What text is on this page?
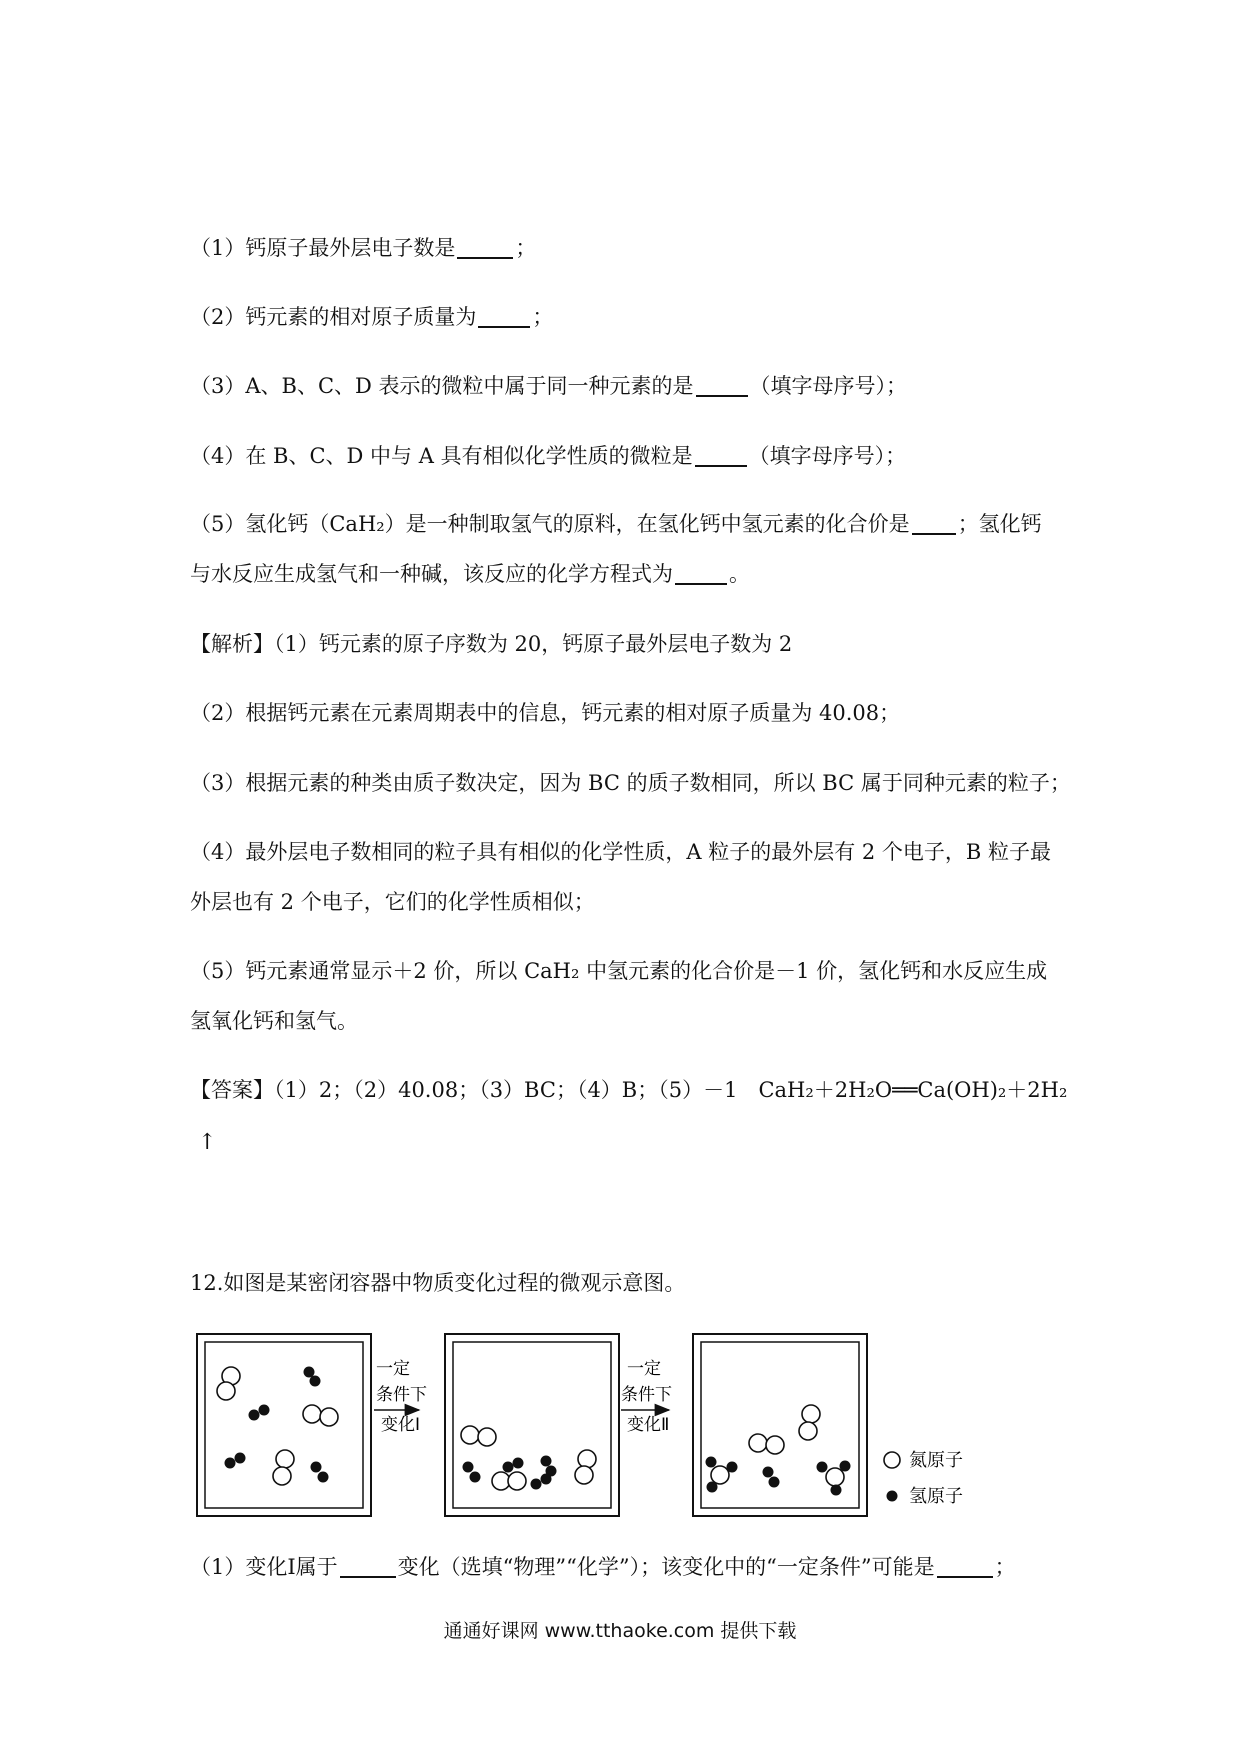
（1）钙原子最外层电子数是	；
（2）钙元素的相对原子质量为	；
（3）A、B、C、D 表示的微粒中属于同一种元素的是	（填字母序号）；
（4）在 B、C、D 中与 A 具有相似化学性质的微粒是	（填字母序号）；
（5）氢化钙（CaH₂）是一种制取氢气的原料，在氢化钙中氢元素的化合价是 ；氢化钙
与水反应生成氢气和一种碱，该反应的化学方程式为	。
【解析】（1）钙元素的原子序数为 20，钙原子最外层电子数为 2
（2）根据钙元素在元素周期表中的信息，钙元素的相对原子质量为 40.08；
（3）根据元素的种类由质子数决定，因为 BC 的质子数相同，所以 BC 属于同种元素的粒子；
（4）最外层电子数相同的粒子具有相似的化学性质，A 粒子的最外层有 2 个电子，B 粒子最
外层也有 2 个电子，它们的化学性质相似；
（5）钙元素通常显示＋2 价，所以 CaH₂ 中氢元素的化合价是－1 价，氢化钙和水反应生成
氢氧化钙和氢气。
【答案】（1）2；（2）40.08；（3）BC；（4）B；（5）－1　CaH₂＋2H₂O══Ca(OH)₂＋2H₂
↑
12.如图是某密闭容器中物质变化过程的微观示意图。
一定
条件下
变化Ⅰ
一定
条件下
变化Ⅱ
氮原子
氢原子
（1）变化Ⅰ属于	变化（选填“物理”“化学”）；该变化中的“一定条件”可能是	；
通通好课网 www.tthaoke.com 提供下载
